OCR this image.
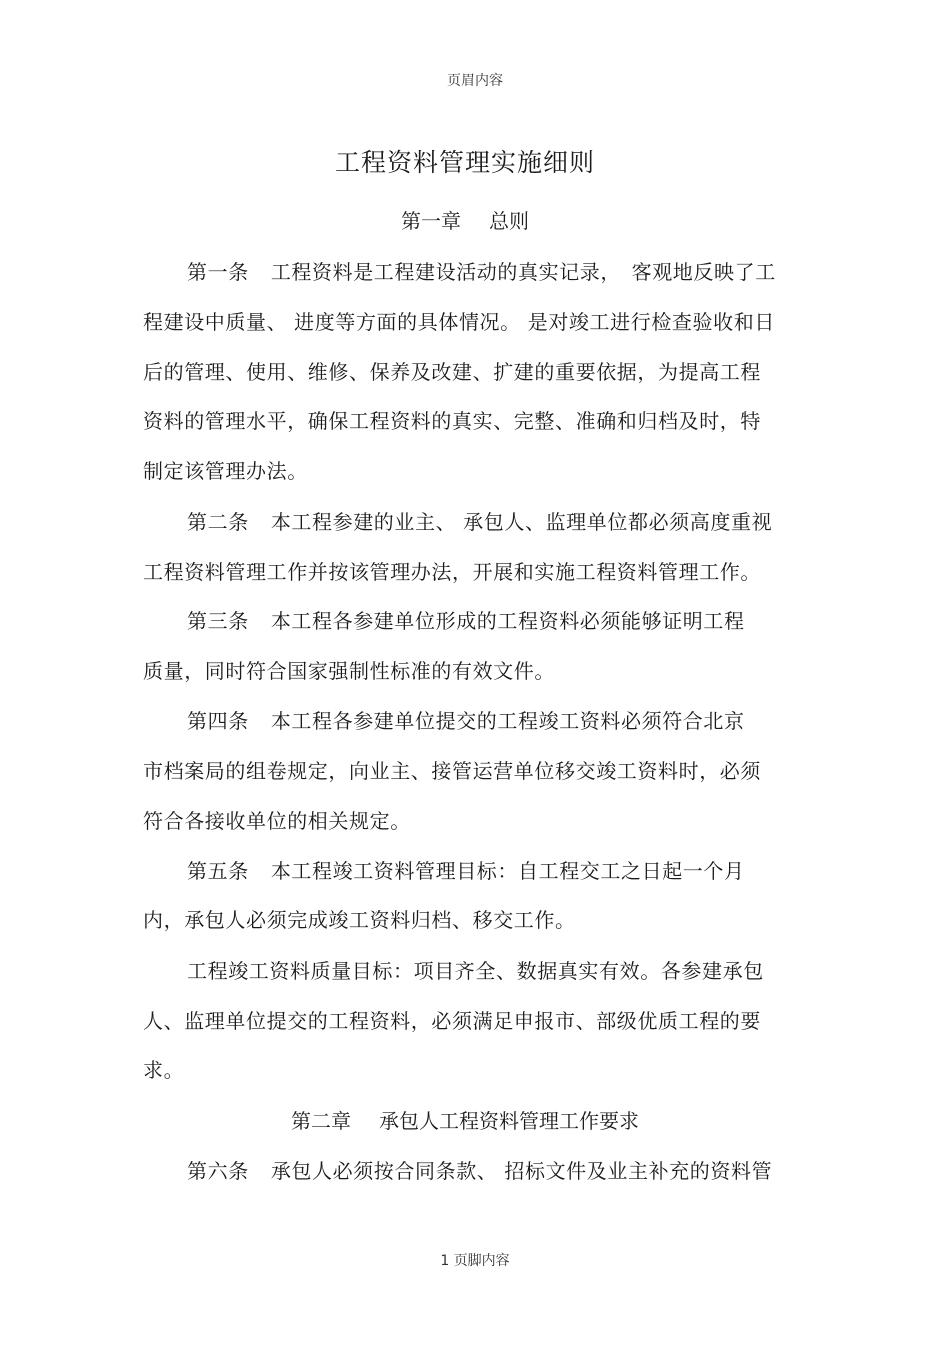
页眉内容
工程资料管理实施细则
第一章 总则
第一条 工程资料是工程建设活动的真实记录，　客观地反映了工
程建设中质量、 进度等方面的具体情况。 是对竣工进行检查验收和日
后的管理、使用、维修、保养及改建、扩建的重要依据，为提高工程
资料的管理水平，确保工程资料的真实、完整、准确和归档及时，特
制定该管理办法。
第二条 本工程参建的业主、 承包人、监理单位都必须高度重视
工程资料管理工作并按该管理办法，开展和实施工程资料管理工作。
第三条 本工程各参建单位形成的工程资料必须能够证明工程
质量，同时符合国家强制性标准的有效文件。
第四条 本工程各参建单位提交的工程竣工资料必须符合北京
市档案局的组卷规定，向业主、接管运营单位移交竣工资料时，必须
符合各接收单位的相关规定。
第五条 本工程竣工资料管理目标：自工程交工之日起一个月
内，承包人必须完成竣工资料归档、移交工作。
工程竣工资料质量目标：项目齐全、数据真实有效。各参建承包
人、监理单位提交的工程资料，必须满足申报市、部级优质工程的要
求。
第二章 承包人工程资料管理工作要求
第六条 承包人必须按合同条款、 招标文件及业主补充的资料管
1 页脚内容
